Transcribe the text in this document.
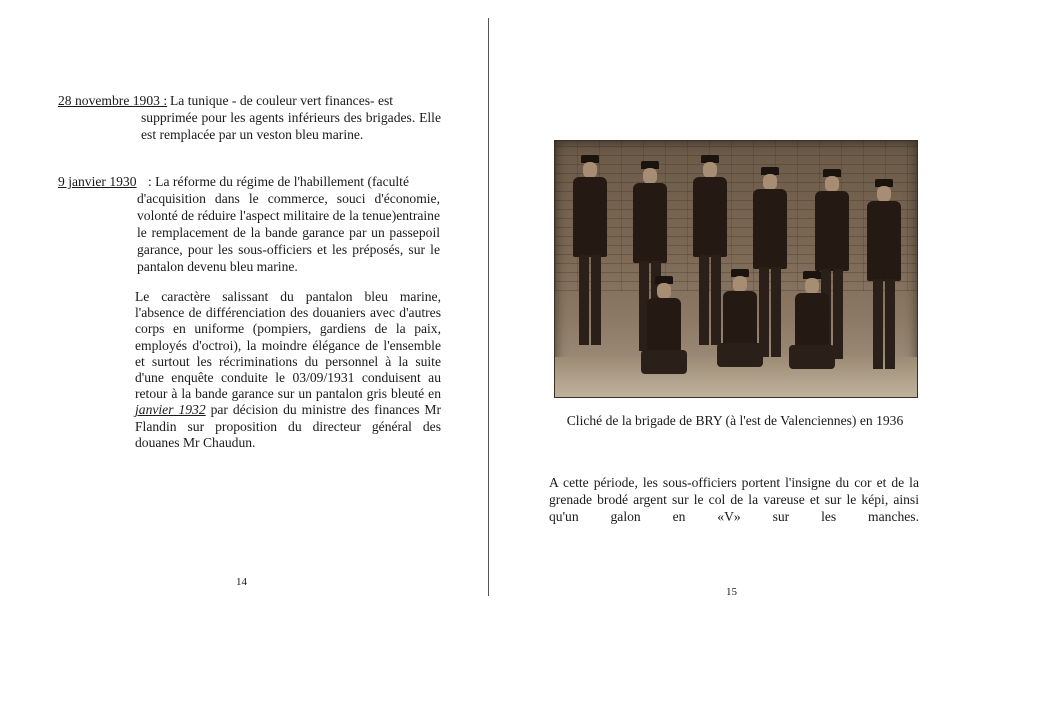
28 novembre 1903 : La tunique - de couleur vert finances- est
supprimée pour les agents inférieurs des brigades. Elle est remplacée par un veston bleu marine.
9 janvier 1930 : La réforme du régime de l'habillement (faculté
d'acquisition dans le commerce, souci d'économie, volonté de réduire l'aspect militaire de la tenue)entraine le remplacement de la bande garance par un passepoil garance, pour les sous-officiers et les préposés, sur le pantalon devenu bleu marine.
Le caractère salissant du pantalon bleu marine, l'absence de différenciation des douaniers avec d'autres corps en uniforme (pompiers, gardiens de la paix, employés d'octroi), la moindre élégance de l'ensemble et surtout les récriminations du personnel à la suite d'une enquête conduite le 03/09/1931 conduisent au retour à la bande garance sur un pantalon gris bleuté en janvier 1932 par décision du ministre des finances Mr Flandin sur proposition du directeur général des douanes Mr Chaudun.
14
Cliché de la brigade de BRY (à l'est de Valenciennes) en 1936
A cette période, les sous-officiers portent l'insigne du cor et de la grenade brodé argent sur le col de la vareuse et sur le képi, ainsi qu'un galon en «V» sur les manches.
15
